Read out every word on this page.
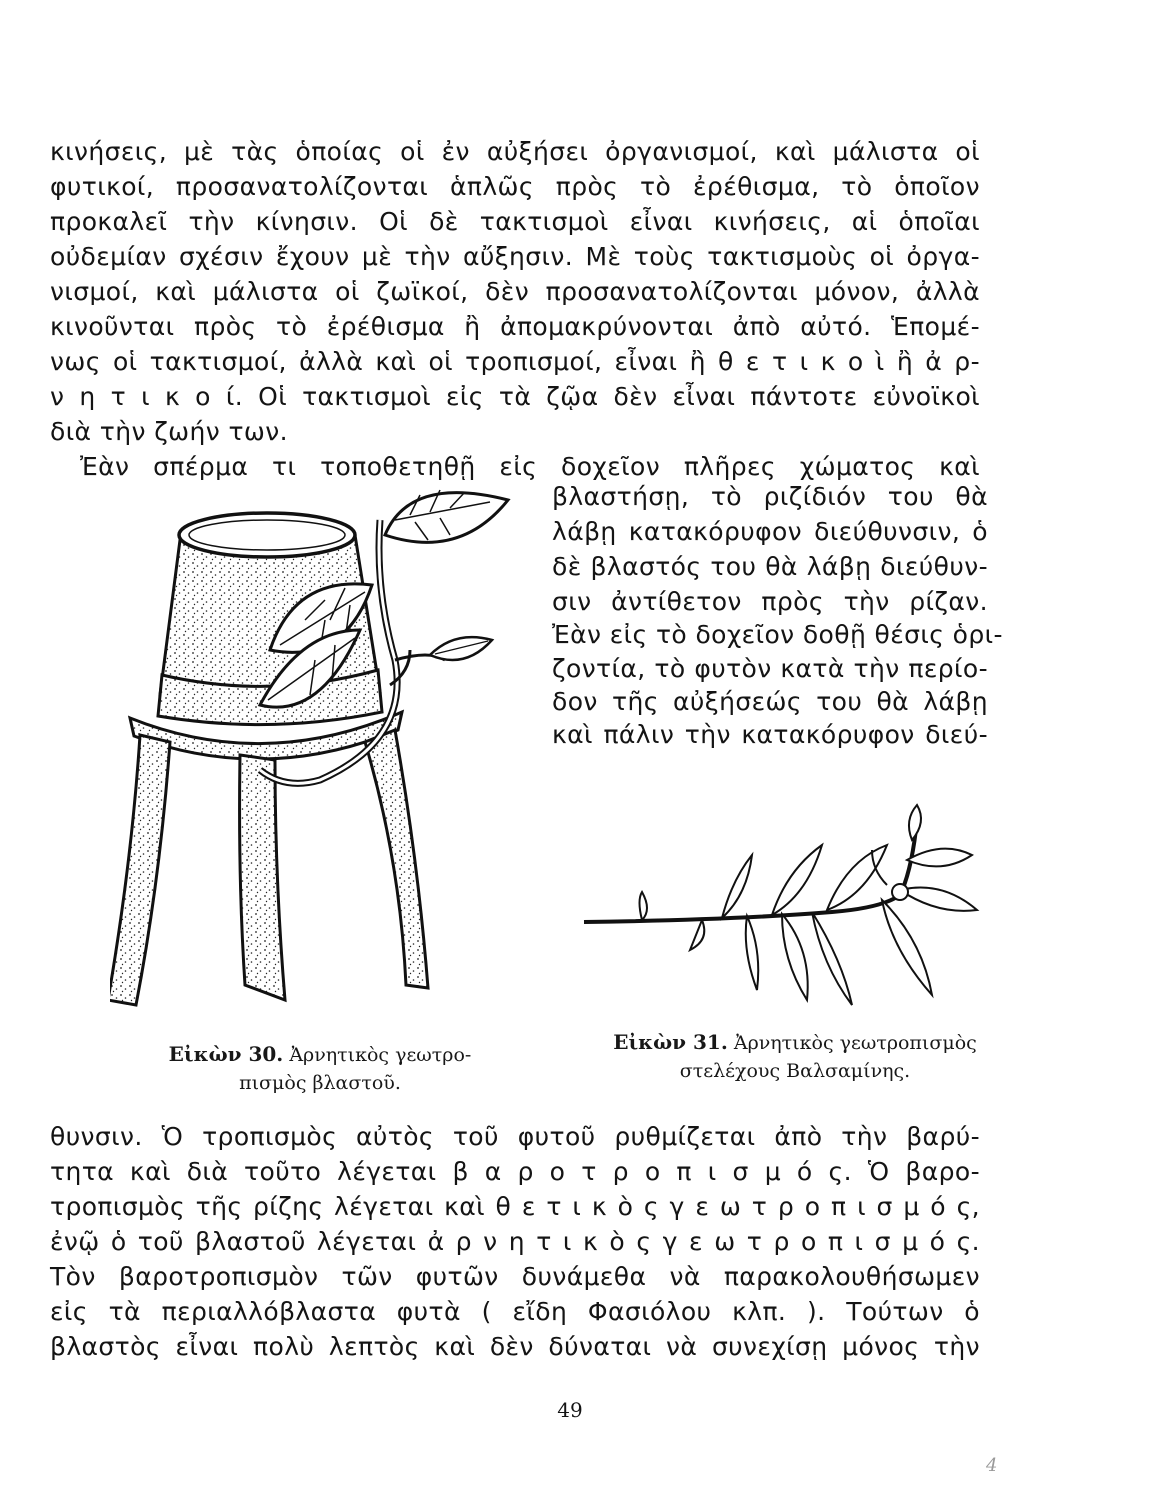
κινήσεις, μὲ τὰς ὁποίας οἱ ἐν αὐξήσει ὀργανισμοί, καὶ μάλιστα οἱ

φυτικοί, προσανατολίζονται ἁπλῶς πρὸς τὸ ἐρέθισμα, τὸ ὁποῖον

προκαλεῖ τὴν κίνησιν. Οἱ δὲ τακτισμοὶ εἶναι κινήσεις, αἱ ὁποῖαι

οὐδεμίαν σχέσιν ἔχουν μὲ τὴν αὔξησιν. Μὲ τοὺς τακτισμοὺς οἱ ὀργα-

νισμοί, καὶ μάλιστα οἱ ζωϊκοί, δὲν προσανατολίζονται μόνον, ἀλλὰ

κινοῦνται πρὸς τὸ ἐρέθισμα ἢ ἀπομακρύνονται ἀπὸ αὐτό. Ἑπομέ-

νως οἱ τακτισμοί, ἀλλὰ καὶ οἱ τροπισμοί, εἶναι ἢ θ ε τ ι κ ο ὶ ἢ ἀ ρ-

ν η τ ι κ ο ί. Οἱ τακτισμοὶ εἰς τὰ ζῷα δὲν εἶναι πάντοτε εὐνοϊκοὶ

διὰ τὴν ζωήν των.

Ἐὰν σπέρμα τι τοποθετηθῇ εἰς δοχεῖον πλῆρες χώματος καὶ

βλαστήσῃ, τὸ ριζίδιόν του θὰ

λάβῃ κατακόρυφον διεύθυνσιν, ὁ

δὲ βλαστός του θὰ λάβῃ διεύθυν-

σιν ἀντίθετον πρὸς τὴν ρίζαν.

Ἐὰν εἰς τὸ δοχεῖον δοθῇ θέσις ὁρι-

ζοντία, τὸ φυτὸν κατὰ τὴν περίο-

δον τῆς αὐξήσεώς του θὰ λάβῃ

καὶ πάλιν τὴν κατακόρυφον διεύ-

Εἰκὼν 30. Ἀρνητικὸς γεωτρο-
πισμὸς βλαστοῦ.
Εἰκὼν 31. Ἀρνητικὸς γεωτροπισμὸς
στελέχους Βαλσαμίνης.

θυνσιν. Ὁ τροπισμὸς αὐτὸς τοῦ φυτοῦ ρυθμίζεται ἀπὸ τὴν βαρύ-

τητα καὶ διὰ τοῦτο λέγεται β α ρ ο τ ρ ο π ι σ μ ό ς. Ὁ βαρο-

τροπισμὸς τῆς ρίζης λέγεται καὶ θ ε τ ι κ ὸ ς γ ε ω τ ρ ο π ι σ μ ό ς,

ἐνῷ ὁ τοῦ βλαστοῦ λέγεται ἀ ρ ν η τ ι κ ὸ ς γ ε ω τ ρ ο π ι σ μ ό ς.

Τὸν βαροτροπισμὸν τῶν φυτῶν δυνάμεθα νὰ παρακολουθήσωμεν

εἰς τὰ περιαλλόβλαστα φυτὰ ( εἴδη Φασιόλου κλπ. ). Τούτων ὁ

βλαστὸς εἶναι πολὺ λεπτὸς καὶ δὲν δύναται νὰ συνεχίσῃ μόνος τὴν

49
4
